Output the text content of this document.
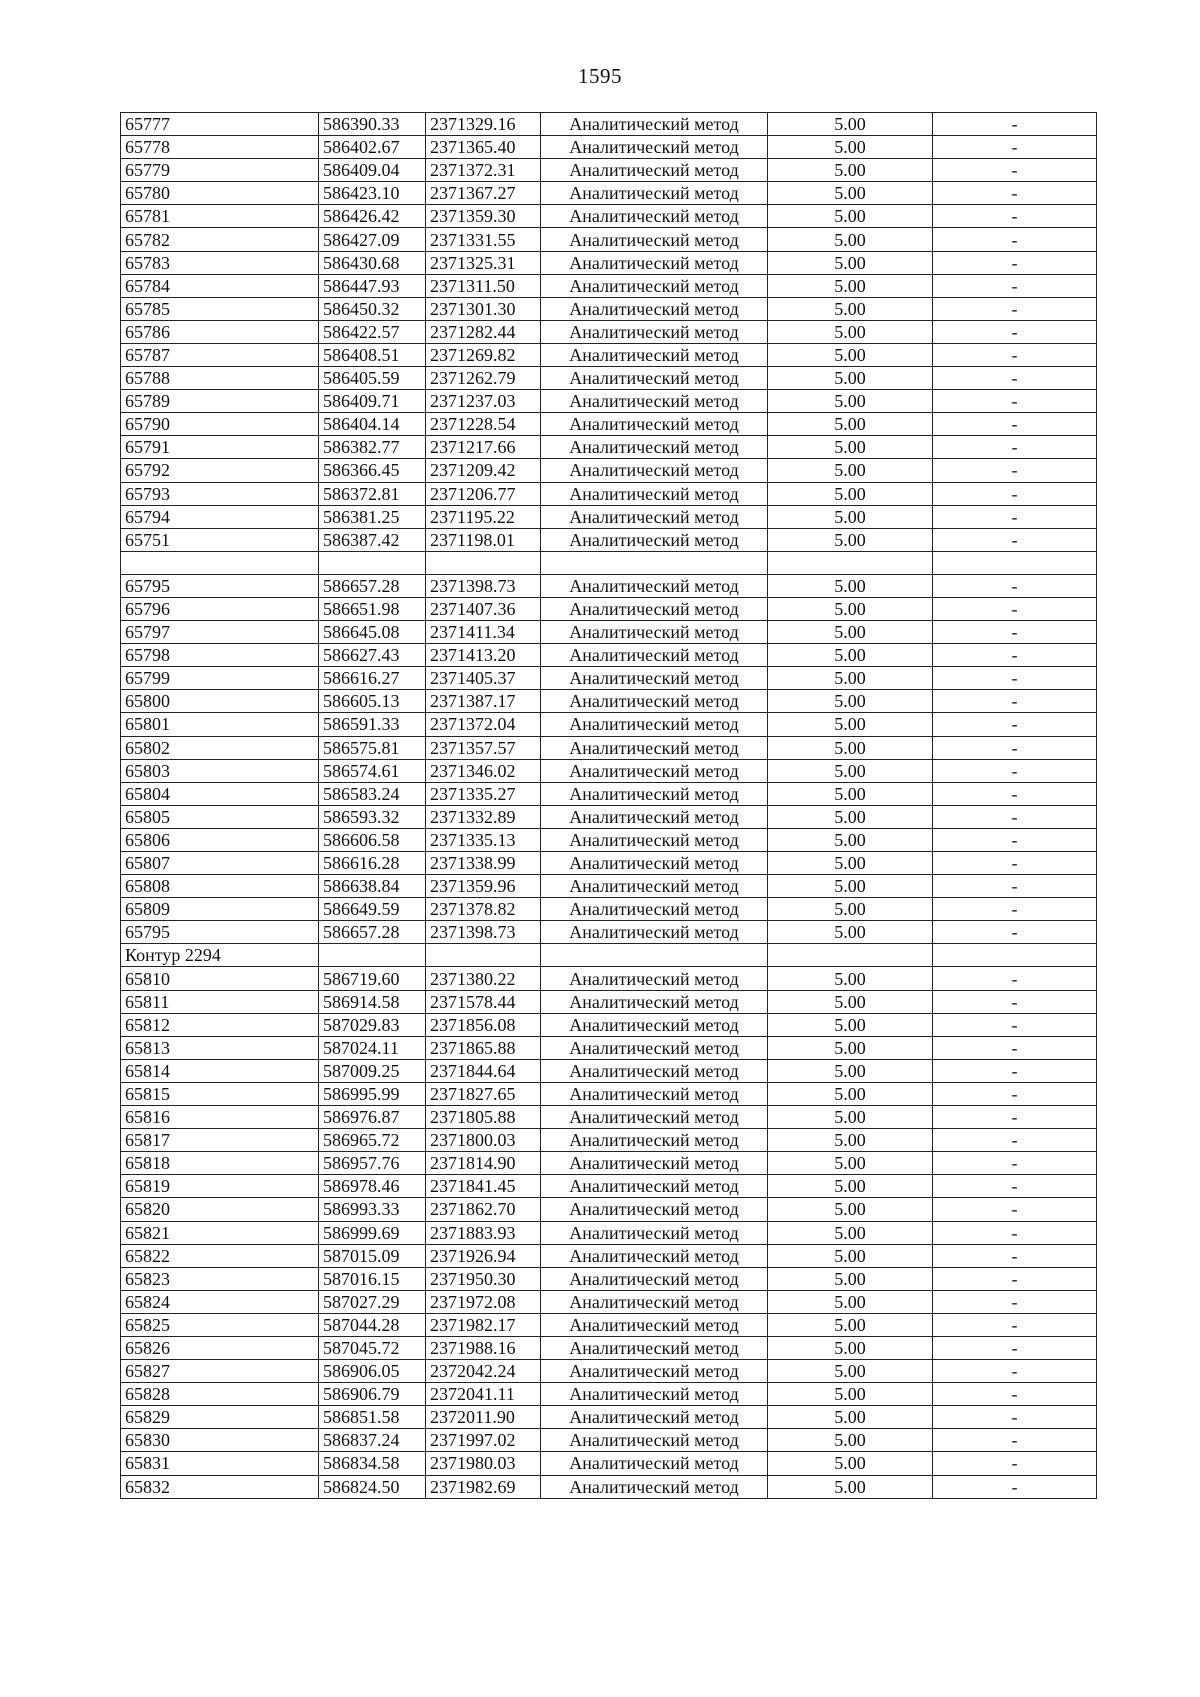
1595
65777	586390.33	2371329.16	Аналитический метод	5.00	-
65778	586402.67	2371365.40	Аналитический метод	5.00	-
65779	586409.04	2371372.31	Аналитический метод	5.00	-
65780	586423.10	2371367.27	Аналитический метод	5.00	-
65781	586426.42	2371359.30	Аналитический метод	5.00	-
65782	586427.09	2371331.55	Аналитический метод	5.00	-
65783	586430.68	2371325.31	Аналитический метод	5.00	-
65784	586447.93	2371311.50	Аналитический метод	5.00	-
65785	586450.32	2371301.30	Аналитический метод	5.00	-
65786	586422.57	2371282.44	Аналитический метод	5.00	-
65787	586408.51	2371269.82	Аналитический метод	5.00	-
65788	586405.59	2371262.79	Аналитический метод	5.00	-
65789	586409.71	2371237.03	Аналитический метод	5.00	-
65790	586404.14	2371228.54	Аналитический метод	5.00	-
65791	586382.77	2371217.66	Аналитический метод	5.00	-
65792	586366.45	2371209.42	Аналитический метод	5.00	-
65793	586372.81	2371206.77	Аналитический метод	5.00	-
65794	586381.25	2371195.22	Аналитический метод	5.00	-
65751	586387.42	2371198.01	Аналитический метод	5.00	-

65795	586657.28	2371398.73	Аналитический метод	5.00	-
65796	586651.98	2371407.36	Аналитический метод	5.00	-
65797	586645.08	2371411.34	Аналитический метод	5.00	-
65798	586627.43	2371413.20	Аналитический метод	5.00	-
65799	586616.27	2371405.37	Аналитический метод	5.00	-
65800	586605.13	2371387.17	Аналитический метод	5.00	-
65801	586591.33	2371372.04	Аналитический метод	5.00	-
65802	586575.81	2371357.57	Аналитический метод	5.00	-
65803	586574.61	2371346.02	Аналитический метод	5.00	-
65804	586583.24	2371335.27	Аналитический метод	5.00	-
65805	586593.32	2371332.89	Аналитический метод	5.00	-
65806	586606.58	2371335.13	Аналитический метод	5.00	-
65807	586616.28	2371338.99	Аналитический метод	5.00	-
65808	586638.84	2371359.96	Аналитический метод	5.00	-
65809	586649.59	2371378.82	Аналитический метод	5.00	-
65795	586657.28	2371398.73	Аналитический метод	5.00	-
Контур 2294					
65810	586719.60	2371380.22	Аналитический метод	5.00	-
65811	586914.58	2371578.44	Аналитический метод	5.00	-
65812	587029.83	2371856.08	Аналитический метод	5.00	-
65813	587024.11	2371865.88	Аналитический метод	5.00	-
65814	587009.25	2371844.64	Аналитический метод	5.00	-
65815	586995.99	2371827.65	Аналитический метод	5.00	-
65816	586976.87	2371805.88	Аналитический метод	5.00	-
65817	586965.72	2371800.03	Аналитический метод	5.00	-
65818	586957.76	2371814.90	Аналитический метод	5.00	-
65819	586978.46	2371841.45	Аналитический метод	5.00	-
65820	586993.33	2371862.70	Аналитический метод	5.00	-
65821	586999.69	2371883.93	Аналитический метод	5.00	-
65822	587015.09	2371926.94	Аналитический метод	5.00	-
65823	587016.15	2371950.30	Аналитический метод	5.00	-
65824	587027.29	2371972.08	Аналитический метод	5.00	-
65825	587044.28	2371982.17	Аналитический метод	5.00	-
65826	587045.72	2371988.16	Аналитический метод	5.00	-
65827	586906.05	2372042.24	Аналитический метод	5.00	-
65828	586906.79	2372041.11	Аналитический метод	5.00	-
65829	586851.58	2372011.90	Аналитический метод	5.00	-
65830	586837.24	2371997.02	Аналитический метод	5.00	-
65831	586834.58	2371980.03	Аналитический метод	5.00	-
65832	586824.50	2371982.69	Аналитический метод	5.00	-
